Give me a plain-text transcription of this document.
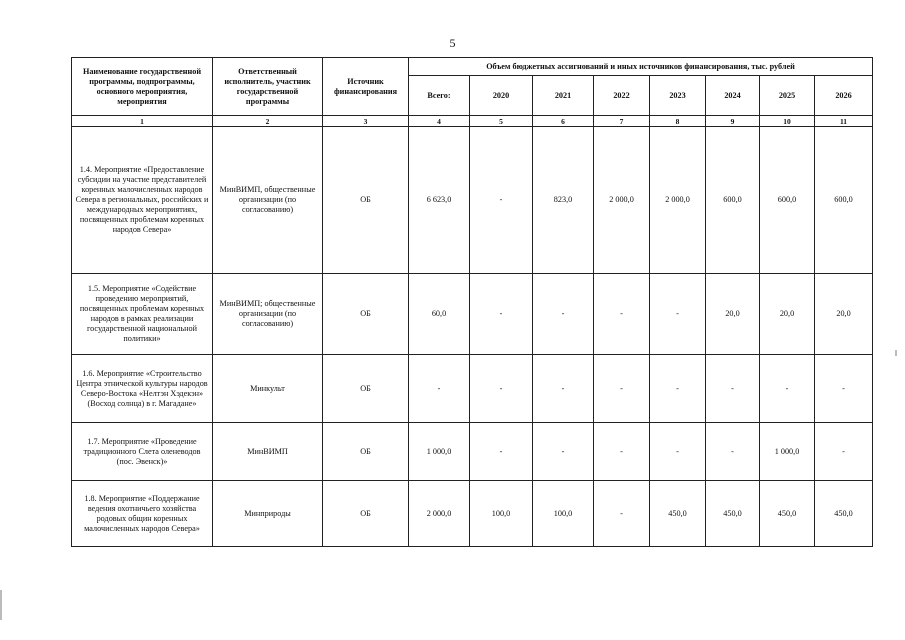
5
Наименование государственной программы, подпрограммы, основного мероприятия, мероприятия	Ответственный исполнитель, участник государственной программы	Источник финансирования	Объем бюджетных ассигнований и иных источников финансирования, тыс. рублей							
			Всего:	2020	2021	2022	2023	2024	2025	2026
1	2	3	4	5	6	7	8	9	10	11
1.4. Мероприятие «Предоставление субсидии на участие представителей коренных малочисленных народов Севера в региональных, российских и международных мероприятиях, посвященных проблемам коренных народов Севера»	МинВИМП, общественные организации (по согласованию)	ОБ	6 623,0	-	823,0	2 000,0	2 000,0	600,0	600,0	600,0
1.5. Мероприятие «Содействие проведению мероприятий, посвященных проблемам коренных народов в рамках реализации государственной национальной политики»	МинВИМП; общественные организации (по согласованию)	ОБ	60,0	-	-	-	-	20,0	20,0	20,0
1.6. Мероприятие «Строительство Центра этнической культуры народов Северо-Востока «Нелтэн Хэдекэн» (Восход солнца) в г. Магадане»	Минкульт	ОБ	-	-	-	-	-	-	-	-
1.7. Мероприятие «Проведение традиционного Слета оленеводов (пос. Эвенск)»	МинВИМП	ОБ	1 000,0	-	-	-	-	-	1 000,0	-
1.8. Мероприятие «Поддержание ведения охотничьего хозяйства родовых общин коренных малочисленных народов Севера»	Минприроды	ОБ	2 000,0	100,0	100,0	-	450,0	450,0	450,0	450,0
